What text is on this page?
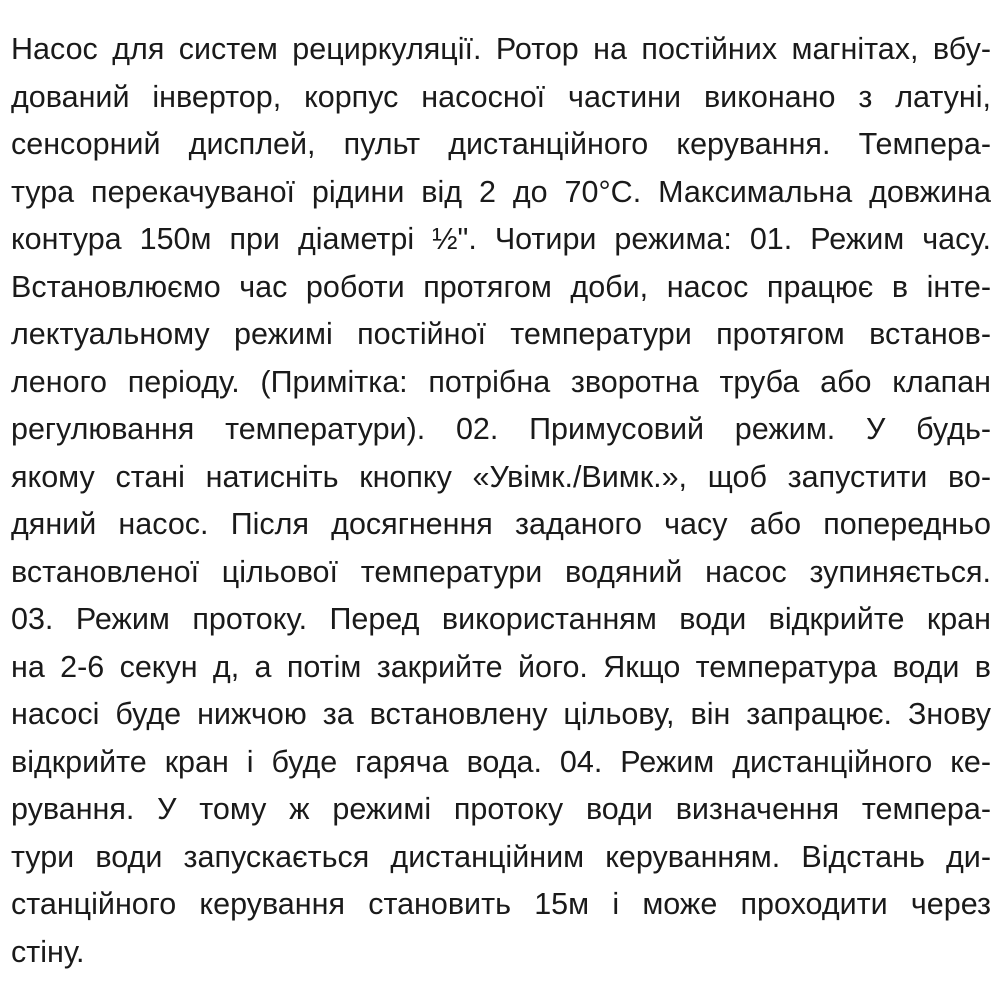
Насос для систем рециркуляції. Ротор на постійних магнітах, вбу-
дований інвертор, корпус насосної частини виконано з латуні,
сенсорний дисплей, пульт дистанційного керування. Темпера-
тура перекачуваної рідини від 2 до 70°C. Максимальна довжина
контура 150м при діаметрі ½". Чотири режима: 01. Режим часу.
Встановлюємо час роботи протягом доби, насос працює в інте-
лектуальному режимі постійної температури протягом встанов-
леного періоду. (Примітка: потрібна зворотна труба або клапан
регулювання температури). 02. Примусовий режим. У будь-
якому стані натисніть кнопку «Увімк./Вимк.», щоб запустити во-
дяний насос. Після досягнення заданого часу або попередньо
встановленої цільової температури водяний насос зупиняється.
03. Режим протоку. Перед використанням води відкрийте кран
на 2-6 секун д, а потім закрийте його. Якщо температура води в
насосі буде нижчою за встановлену цільову, він запрацює. Знову
відкрийте кран і буде гаряча вода. 04. Режим дистанційного ке-
рування. У тому ж режимі протоку води визначення темпера-
тури води запускається дистанційним керуванням. Відстань ди-
станційного керування становить 15м і може проходити через
стіну.
